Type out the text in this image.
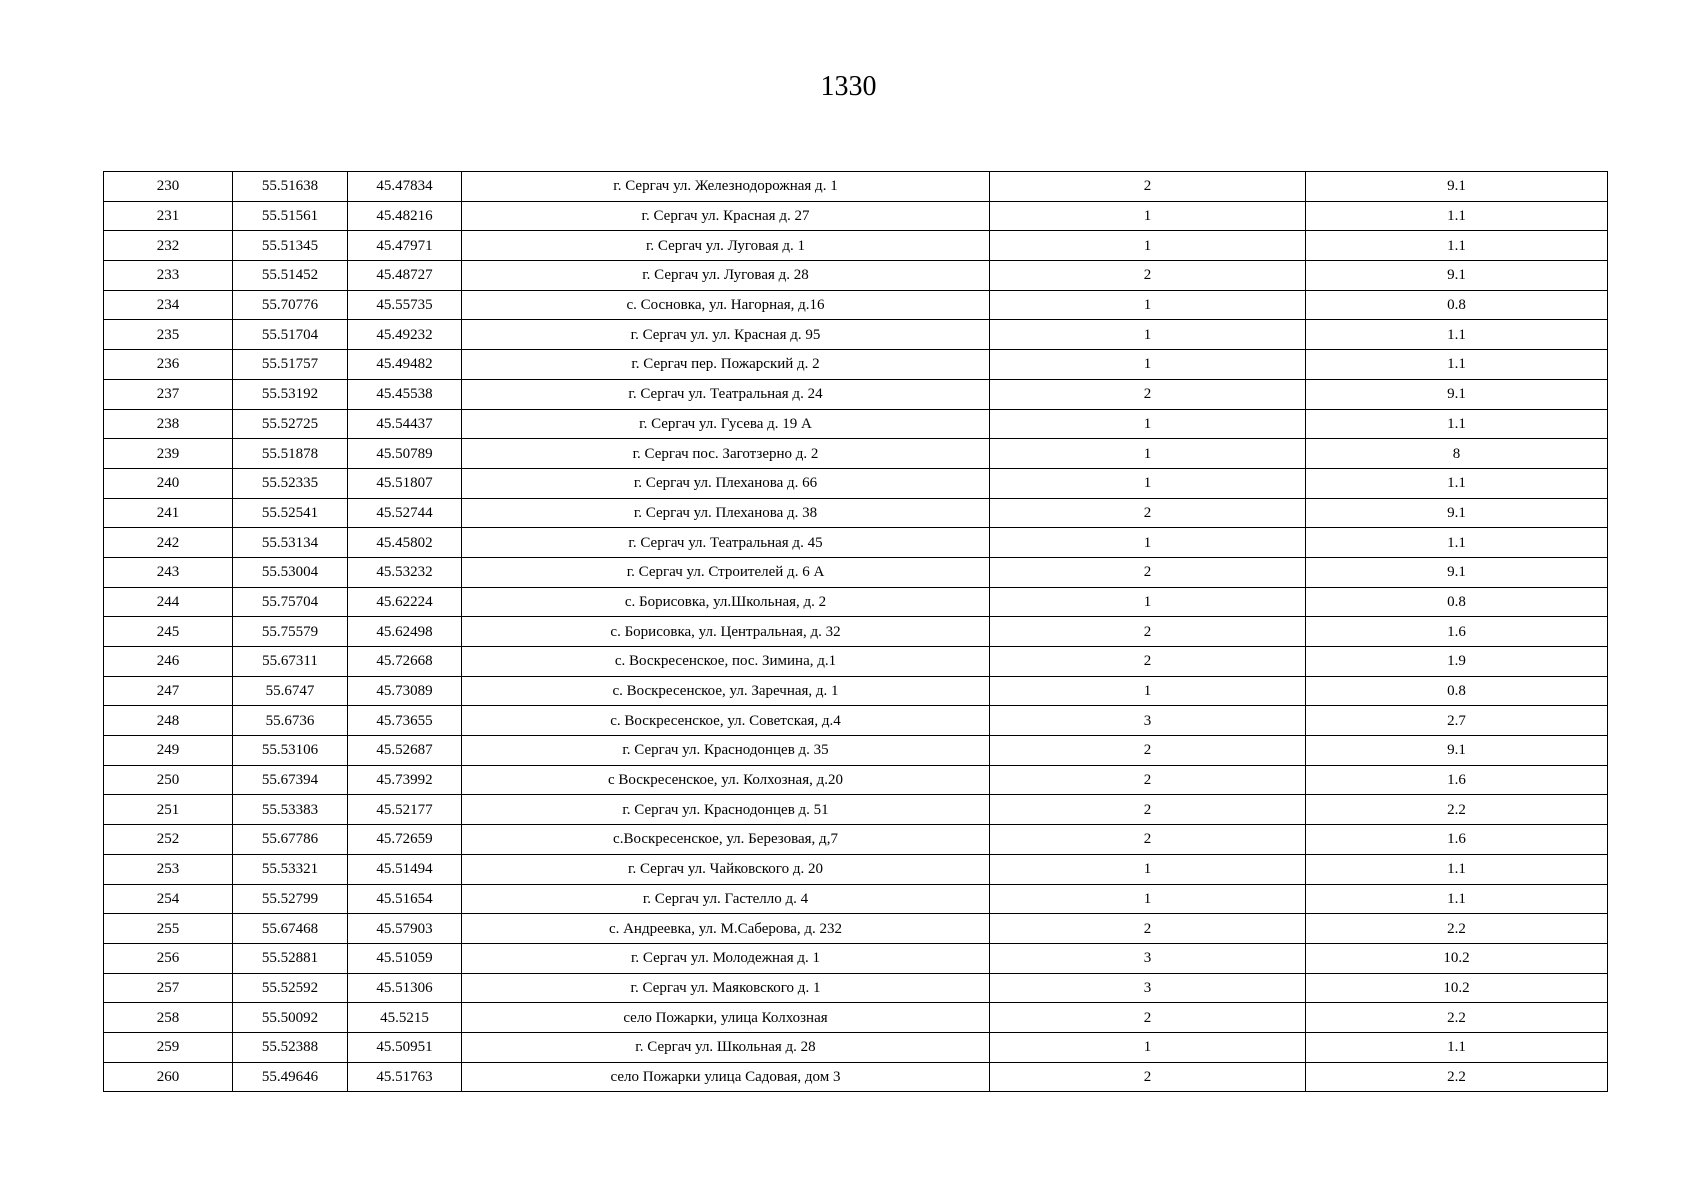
1330
230	55.51638	45.47834	г. Сергач ул. Железнодорожная д. 1	2	9.1
231	55.51561	45.48216	г. Сергач ул. Красная д. 27	1	1.1
232	55.51345	45.47971	г. Сергач ул. Луговая д. 1	1	1.1
233	55.51452	45.48727	г. Сергач ул. Луговая д. 28	2	9.1
234	55.70776	45.55735	с. Сосновка, ул. Нагорная, д.16	1	0.8
235	55.51704	45.49232	г. Сергач ул. ул. Красная д. 95	1	1.1
236	55.51757	45.49482	г. Сергач пер. Пожарский д. 2	1	1.1
237	55.53192	45.45538	г. Сергач ул. Театральная д. 24	2	9.1
238	55.52725	45.54437	г. Сергач ул. Гусева д. 19 А	1	1.1
239	55.51878	45.50789	г. Сергач пос. Заготзерно д. 2	1	8
240	55.52335	45.51807	г. Сергач ул. Плеханова д. 66	1	1.1
241	55.52541	45.52744	г. Сергач ул. Плеханова д. 38	2	9.1
242	55.53134	45.45802	г. Сергач ул. Театральная д. 45	1	1.1
243	55.53004	45.53232	г. Сергач ул. Строителей д. 6 А	2	9.1
244	55.75704	45.62224	с. Борисовка, ул.Школьная, д. 2	1	0.8
245	55.75579	45.62498	с. Борисовка, ул. Центральная, д. 32	2	1.6
246	55.67311	45.72668	с. Воскресенское, пос. Зимина, д.1	2	1.9
247	55.6747	45.73089	с. Воскресенское, ул. Заречная, д. 1	1	0.8
248	55.6736	45.73655	с. Воскресенское, ул. Советская, д.4	3	2.7
249	55.53106	45.52687	г. Сергач ул. Краснодонцев д. 35	2	9.1
250	55.67394	45.73992	с Воскресенское, ул. Колхозная, д.20	2	1.6
251	55.53383	45.52177	г. Сергач ул. Краснодонцев д. 51	2	2.2
252	55.67786	45.72659	с.Воскресенское, ул. Березовая, д,7	2	1.6
253	55.53321	45.51494	г. Сергач ул. Чайковского д. 20	1	1.1
254	55.52799	45.51654	г. Сергач ул. Гастелло д. 4	1	1.1
255	55.67468	45.57903	с. Андреевка, ул. М.Саберова, д. 232	2	2.2
256	55.52881	45.51059	г. Сергач ул. Молодежная д. 1	3	10.2
257	55.52592	45.51306	г. Сергач ул. Маяковского д. 1	3	10.2
258	55.50092	45.5215	село Пожарки, улица Колхозная	2	2.2
259	55.52388	45.50951	г. Сергач ул. Школьная д. 28	1	1.1
260	55.49646	45.51763	село Пожарки улица Садовая, дом 3	2	2.2
